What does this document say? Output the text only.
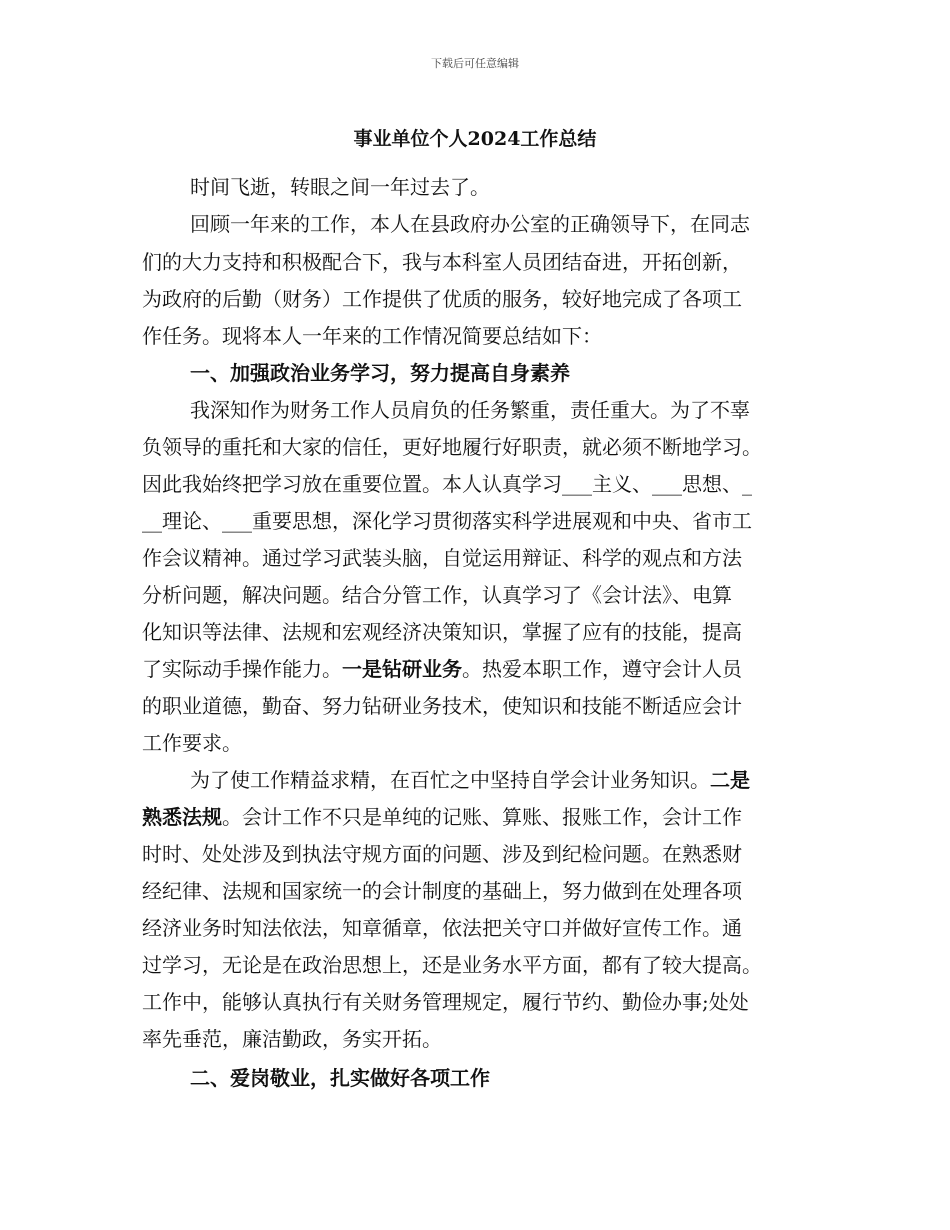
下载后可任意编辑
事业单位个人2024工作总结
时间飞逝，转眼之间一年过去了。
回顾一年来的工作，本人在县政府办公室的正确领导下，在同志
们的大力支持和积极配合下，我与本科室人员团结奋进，开拓创新，
为政府的后勤（财务）工作提供了优质的服务，较好地完成了各项工
作任务。现将本人一年来的工作情况简要总结如下：
一、加强政治业务学习，努力提高自身素养
我深知作为财务工作人员肩负的任务繁重，责任重大。为了不辜
负领导的重托和大家的信任，更好地履行好职责，就必须不断地学习。
因此我始终把学习放在重要位置。本人认真学习___主义、___思想、_
__理论、___重要思想，深化学习贯彻落实科学进展观和中央、省市工
作会议精神。通过学习武装头脑，自觉运用辩证、科学的观点和方法
分析问题，解决问题。结合分管工作，认真学习了《会计法》、电算
化知识等法律、法规和宏观经济决策知识，掌握了应有的技能，提高
了实际动手操作能力。一是钻研业务。热爱本职工作，遵守会计人员
的职业道德，勤奋、努力钻研业务技术，使知识和技能不断适应会计
工作要求。
为了使工作精益求精，在百忙之中坚持自学会计业务知识。二是
熟悉法规。会计工作不只是单纯的记账、算账、报账工作，会计工作
时时、处处涉及到执法守规方面的问题、涉及到纪检问题。在熟悉财
经纪律、法规和国家统一的会计制度的基础上，努力做到在处理各项
经济业务时知法依法，知章循章，依法把关守口并做好宣传工作。通
过学习，无论是在政治思想上，还是业务水平方面，都有了较大提高。
工作中，能够认真执行有关财务管理规定，履行节约、勤俭办事;处处
率先垂范，廉洁勤政，务实开拓。
二、爱岗敬业，扎实做好各项工作
